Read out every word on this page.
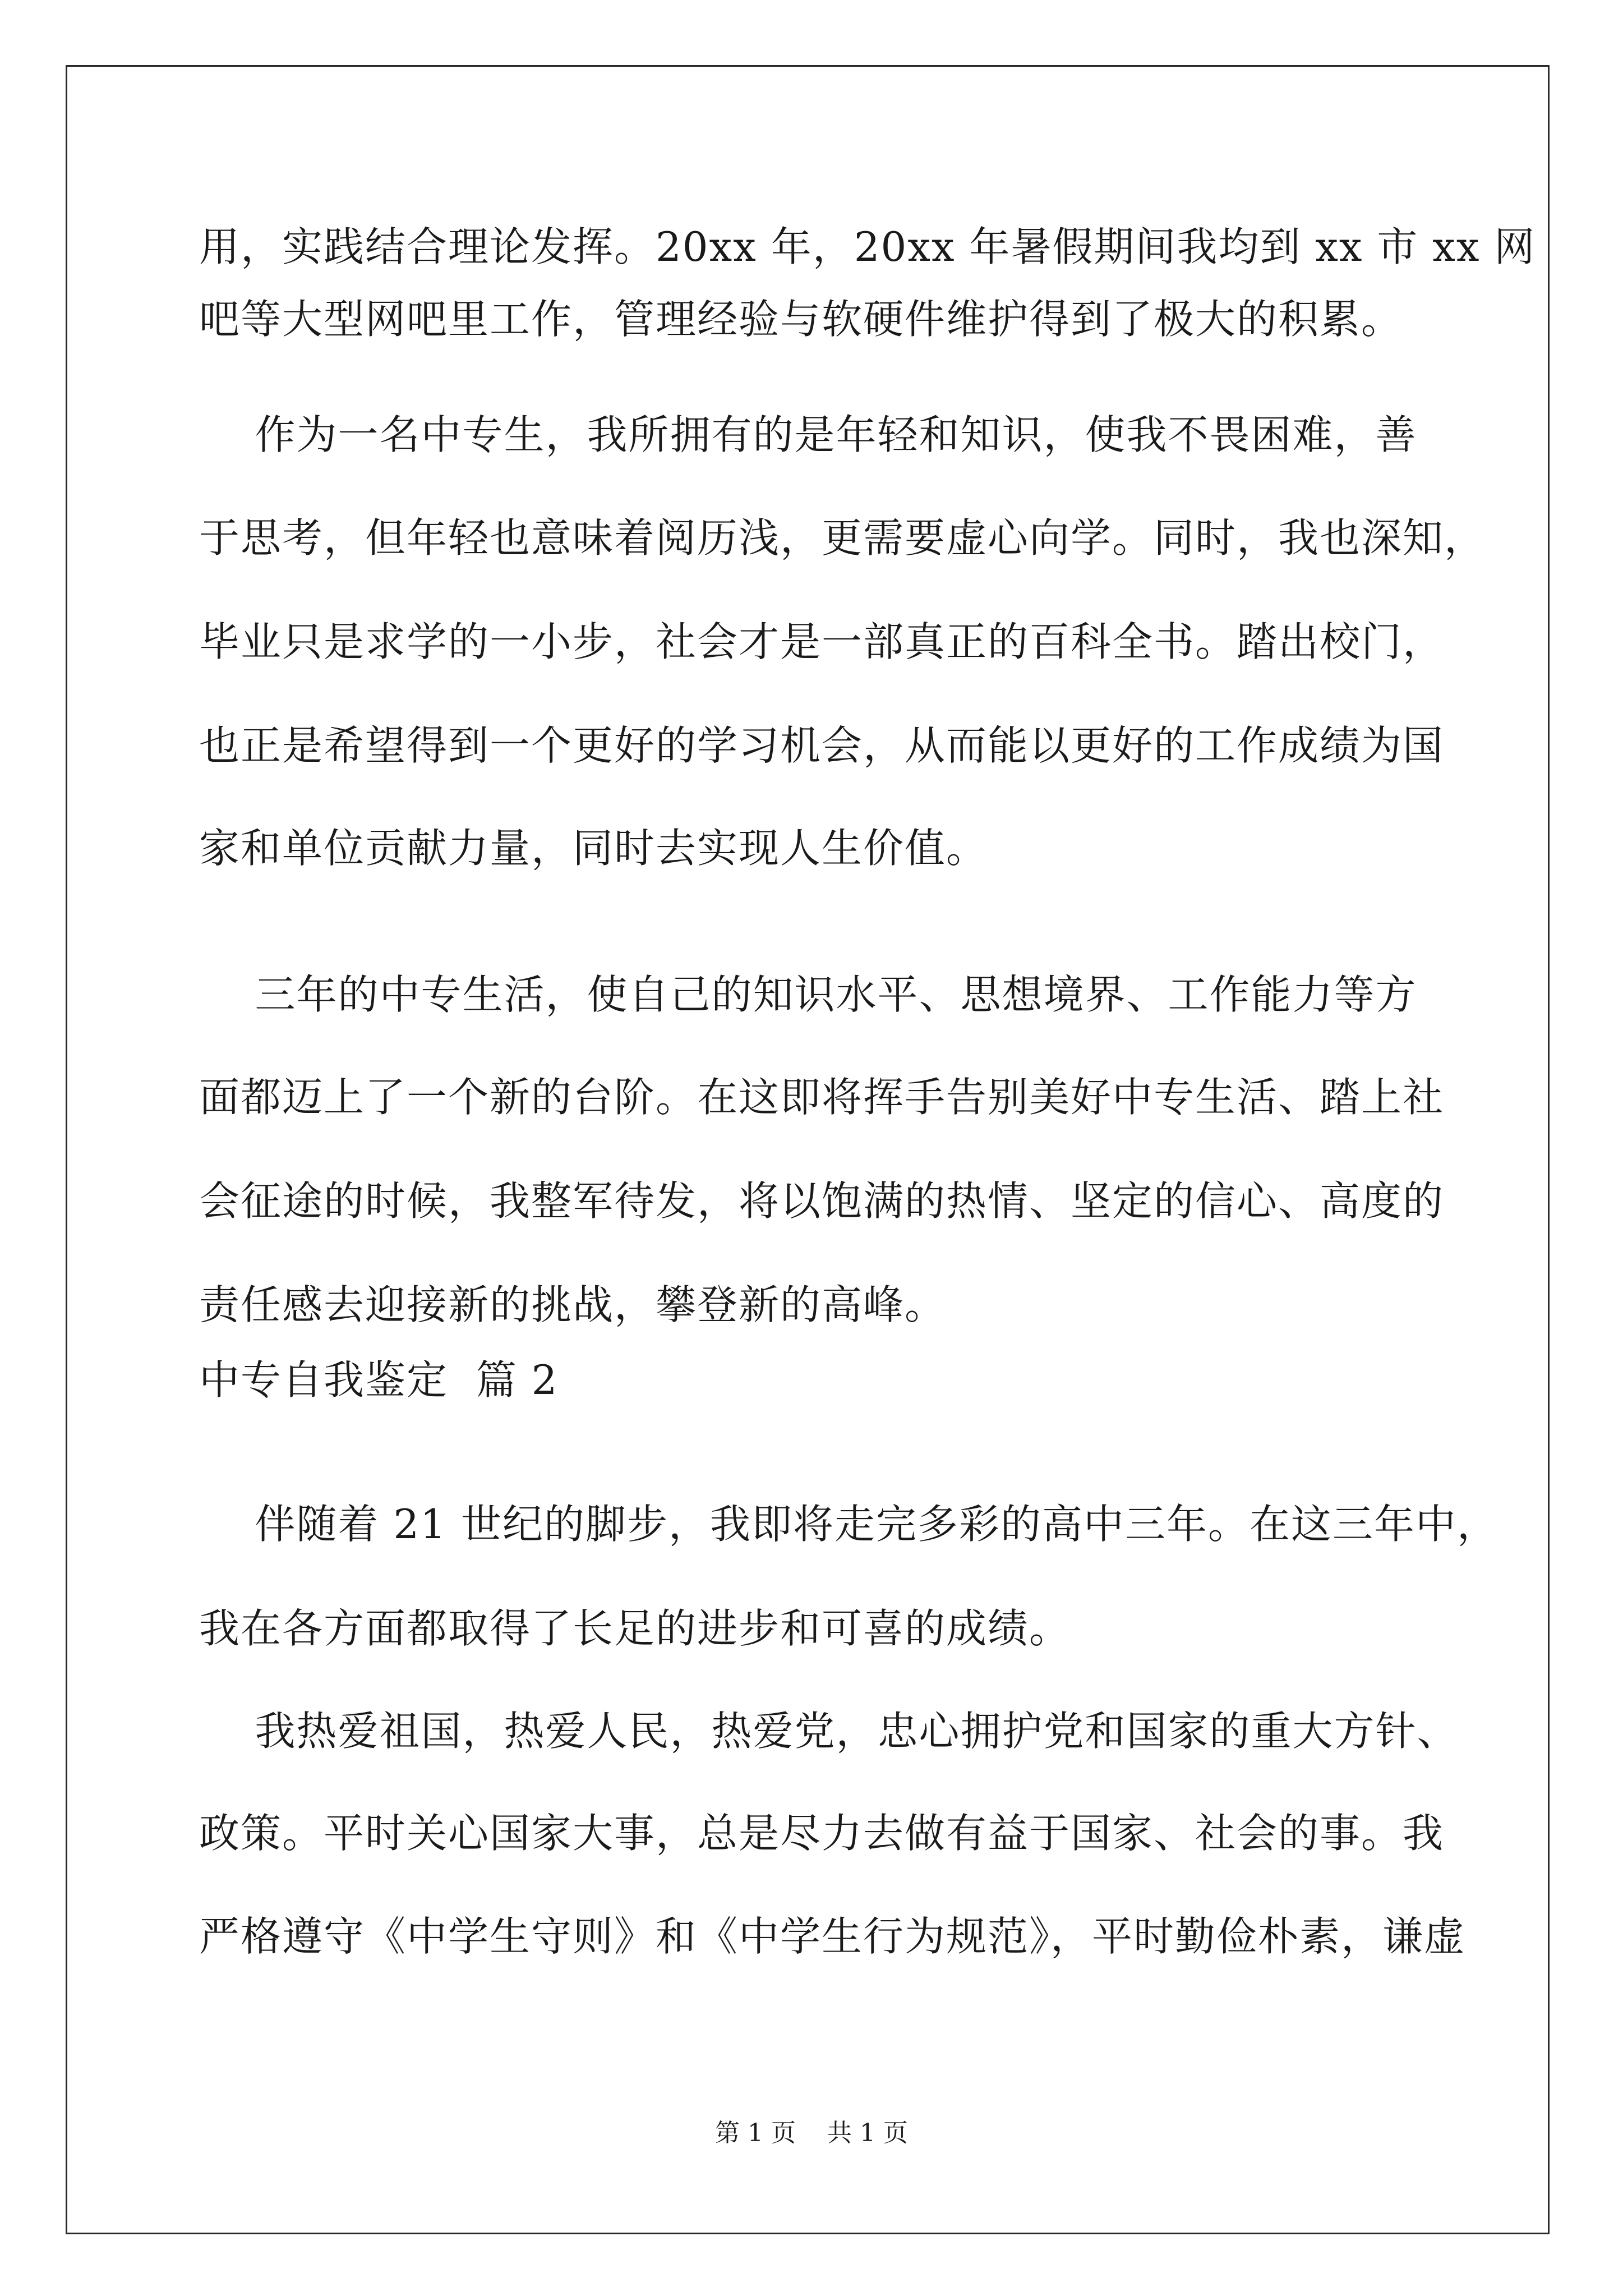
用，实践结合理论发挥。20xx 年，20xx 年暑假期间我均到 xx 市 xx 网
吧等大型网吧里工作，管理经验与软硬件维护得到了极大的积累。
作为一名中专生，我所拥有的是年轻和知识，使我不畏困难，善
于思考，但年轻也意味着阅历浅，更需要虚心向学。同时，我也深知，
毕业只是求学的一小步，社会才是一部真正的百科全书。踏出校门，
也正是希望得到一个更好的学习机会，从而能以更好的工作成绩为国
家和单位贡献力量，同时去实现人生价值。
三年的中专生活，使自己的知识水平、思想境界、工作能力等方
面都迈上了一个新的台阶。在这即将挥手告别美好中专生活、踏上社
会征途的时候，我整军待发，将以饱满的热情、坚定的信心、高度的
责任感去迎接新的挑战，攀登新的高峰。
中专自我鉴定  篇 2
伴随着 21 世纪的脚步，我即将走完多彩的高中三年。在这三年中，
我在各方面都取得了长足的进步和可喜的成绩。
我热爱祖国，热爱人民，热爱党，忠心拥护党和国家的重大方针、
政策。平时关心国家大事，总是尽力去做有益于国家、社会的事。我
严格遵守《中学生守则》和《中学生行为规范》，平时勤俭朴素，谦虚
第 1 页    共 1 页
